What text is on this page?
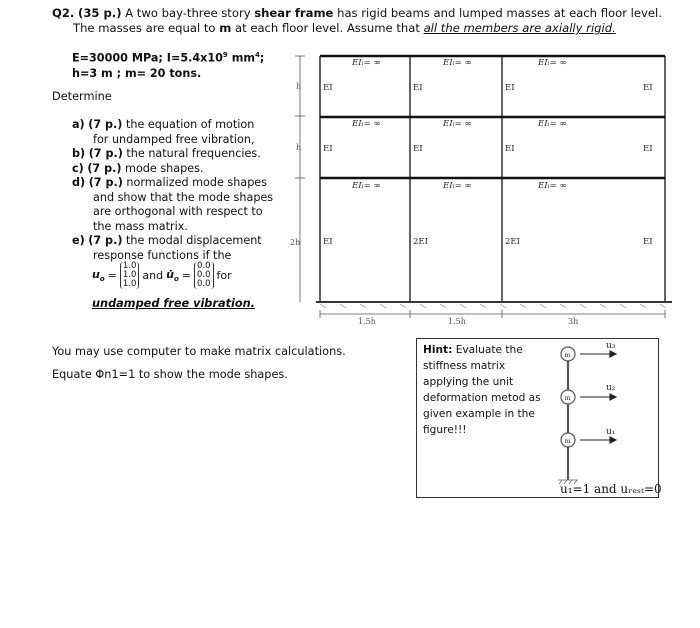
Q2. (35 p.) A two bay-three story shear frame has rigid beams and lumped masses at each floor level.
The masses are equal to m at each floor level. Assume that all the members are axially rigid.
E=30000 MPa; $I=5.4x10^9$ $mm^4$;
h=3 m ; m= 20 tons.
Determine
a) (7 p.) the equation of motion
for undamped free vibration,
b) (7 p.) the natural frequencies.
c) (7 p.) mode shapes.
d) (7 p.) normalized mode shapes
and show that the mode shapes
are orthogonal with respect to
the mass matrix.
e) (7 p.) the modal displacement
response functions if the
$u_o$ =
1.0
1.0
1.0
and $u̇_o$ =
0.0
0.0
0.0
for
undamped free vibration.
h
h
2h
1.5h	1.5h	3h
EIₗ= ∞	EIₗ= ∞	EIₗ= ∞
EIₗ= ∞	EIₗ= ∞	EIₗ= ∞
EIₗ= ∞	EIₗ= ∞	EIₗ= ∞
EI	EI	EI	EI
EI	EI	EI	EI
EI	2EI	2EI	EI
You may use computer to make matrix calculations.
Equate Φn1=1 to show the mode shapes.
Hint: Evaluate the
stiffness matrix
applying the unit
deformation metod as
given example in the
figure!!!
m
m
m
u₃
u₂
u₁
u₁=1 and uᵣₑₛₜ=0
